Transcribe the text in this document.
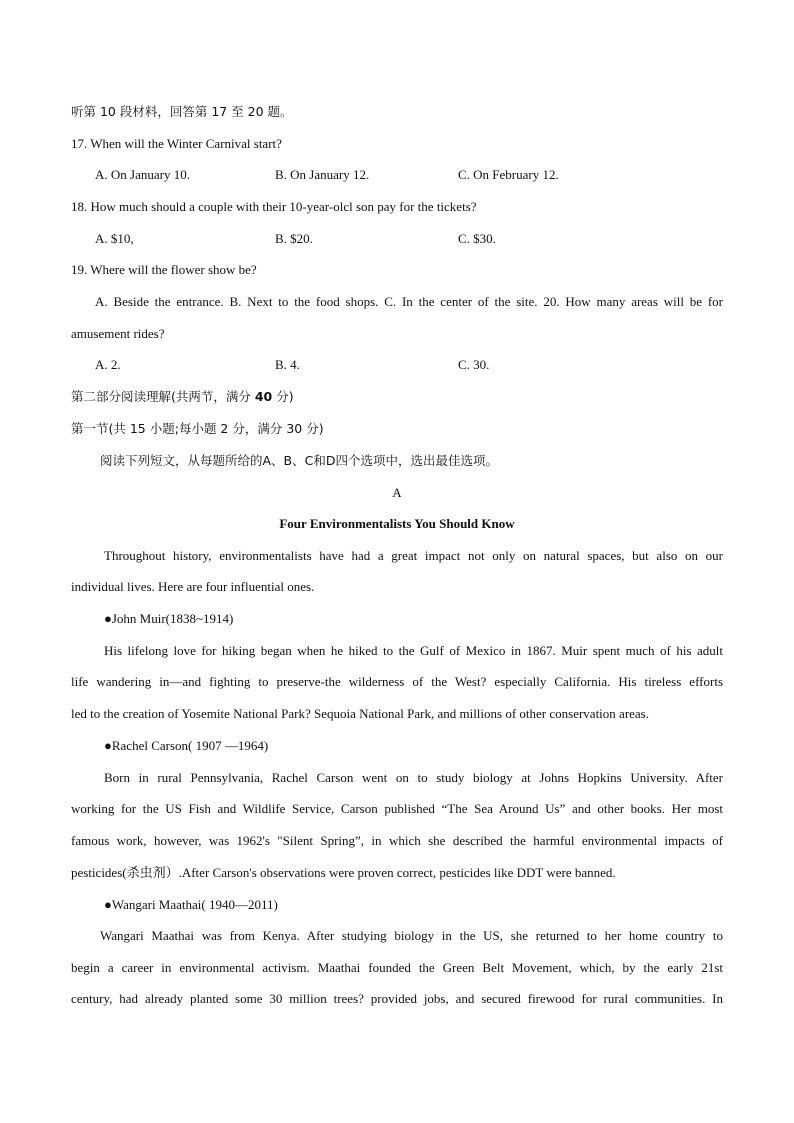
听第 10 段材料，回答第 17 至 20 题。
17. When will the Winter Carnival start?
A. On January 10.	B. On January 12.	C. On February 12.
18. How much should a couple with their 10-year-olcl son pay for the tickets?
A. $10,	B. $20.	C. $30.
19. Where will the flower show be?
A. Beside the entrance. B. Next to the food shops. C. In the center of the site. 20. How many areas will be for
amusement rides?
A. 2.	B. 4.	C. 30.
第二部分阅读理解(共两节，满分 40 分)
第一节(共 15 小题;每小题 2 分，满分 30 分)
阅读下列短文，从每题所给的A、B、C和D四个选项中，选出最佳选项。
A
Four Environmentalists You Should Know
Throughout history, environmentalists have had a great impact not only on natural spaces, but also on our
individual lives. Here are four influential ones.
●John Muir(1838~1914)
His lifelong love for hiking began when he hiked to the Gulf of Mexico in 1867. Muir spent much of his adult
life wandering in—and fighting to preserve-the wilderness of the West? especially California. His tireless efforts
led to the creation of Yosemite National Park? Sequoia National Park, and millions of other conservation areas.
●Rachel Carson( 1907 —1964)
Born in rural Pennsylvania, Rachel Carson went on to study biology at Johns Hopkins University. After
working for the US Fish and Wildlife Service, Carson published “The Sea Around Us” and other books. Her most
famous work, however, was 1962's "Silent Spring”, in which she described the harmful environmental impacts of
pesticides(杀虫剂）.After Carson's observations were proven correct, pesticides like DDT were banned.
●Wangari Maathai( 1940—2011)
Wangari Maathai was from Kenya. After studying biology in the US, she returned to her home country to
begin a career in environmental activism. Maathai founded the Green Belt Movement, which, by the early 21st
century, had already planted some 30 million trees? provided jobs, and secured firewood for rural communities. In
